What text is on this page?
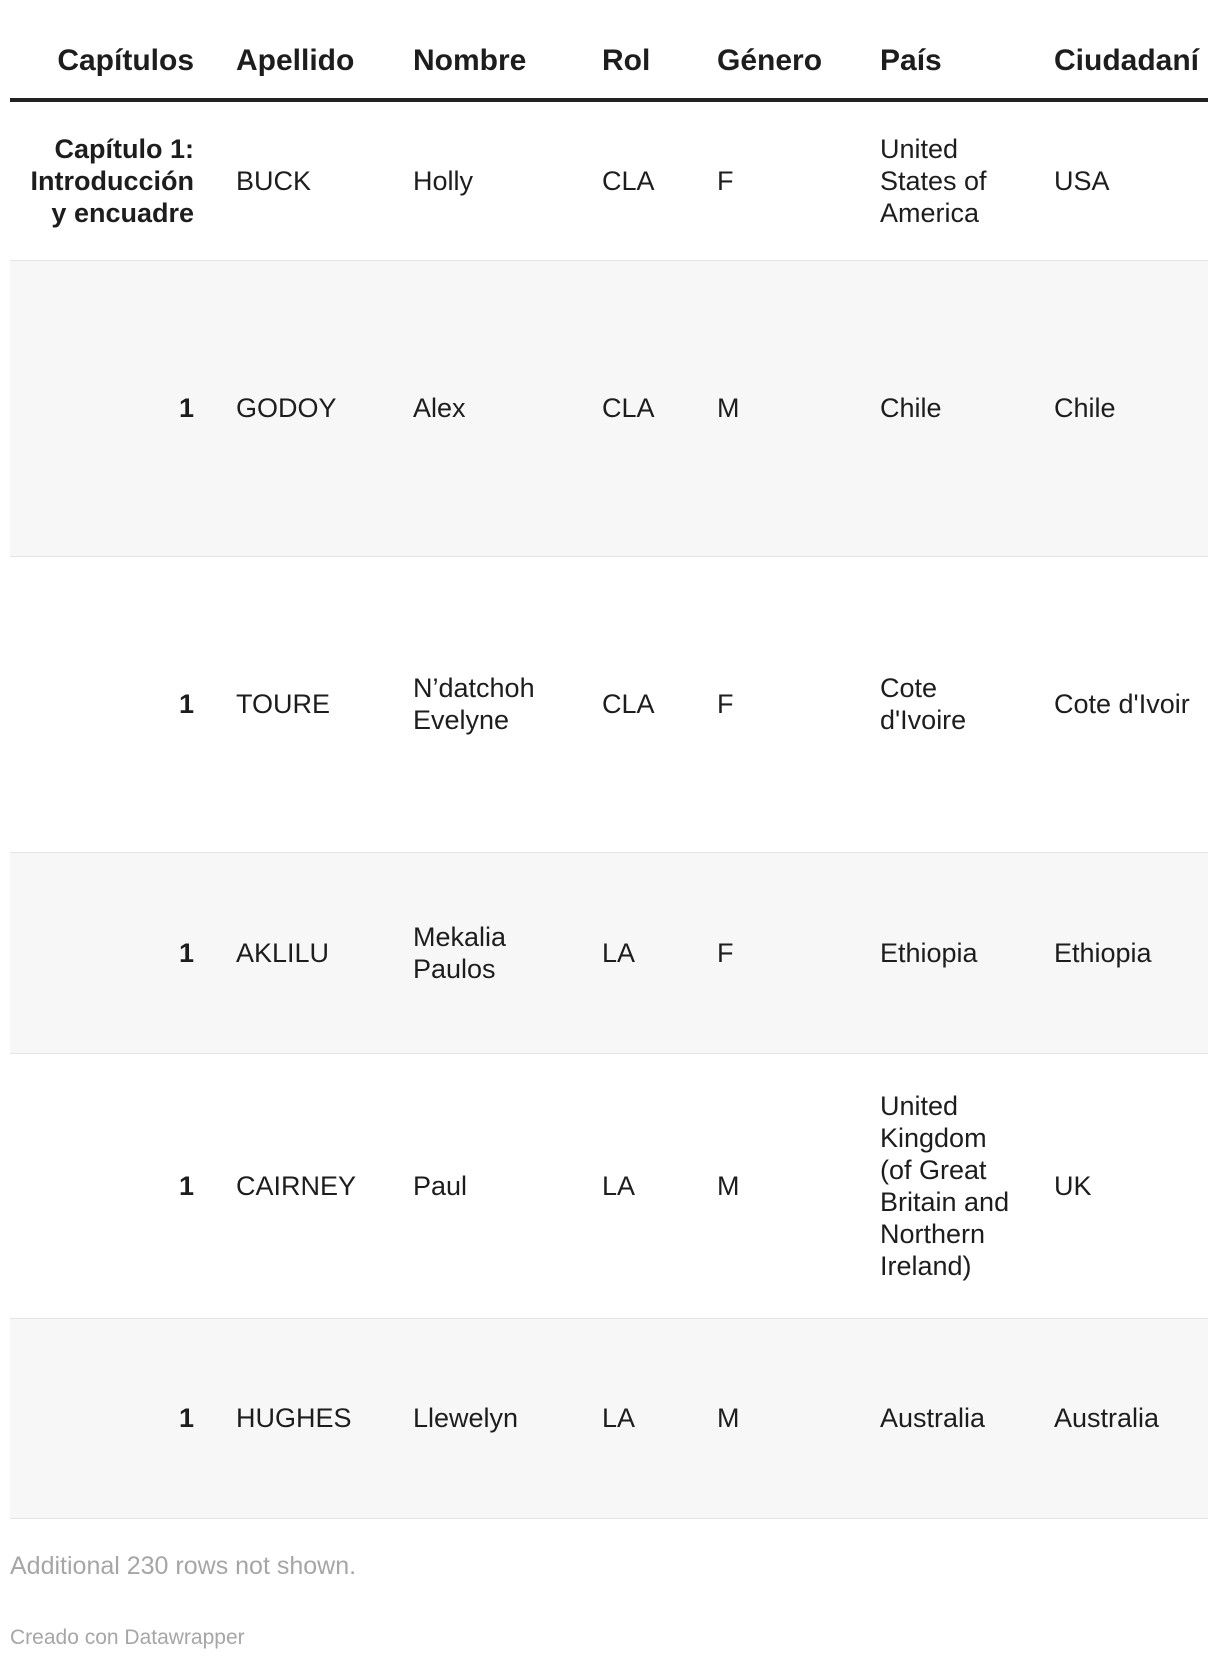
Capítulos	Apellido	Nombre	Rol	Género	País	Ciudadaní
Capítulo 1: Introducción y encuadre	BUCK	Holly	CLA	F	United States of America	USA
1	GODOY	Alex	CLA	M	Chile	Chile
1	TOURE	N’datchoh Evelyne	CLA	F	Cote d'Ivoire	Cote d'Ivoir
1	AKLILU	Mekalia Paulos	LA	F	Ethiopia	Ethiopia
1	CAIRNEY	Paul	LA	M	United Kingdom (of Great Britain and Northern Ireland)	UK
1	HUGHES	Llewelyn	LA	M	Australia	Australia
Additional 230 rows not shown.
Creado con Datawrapper
